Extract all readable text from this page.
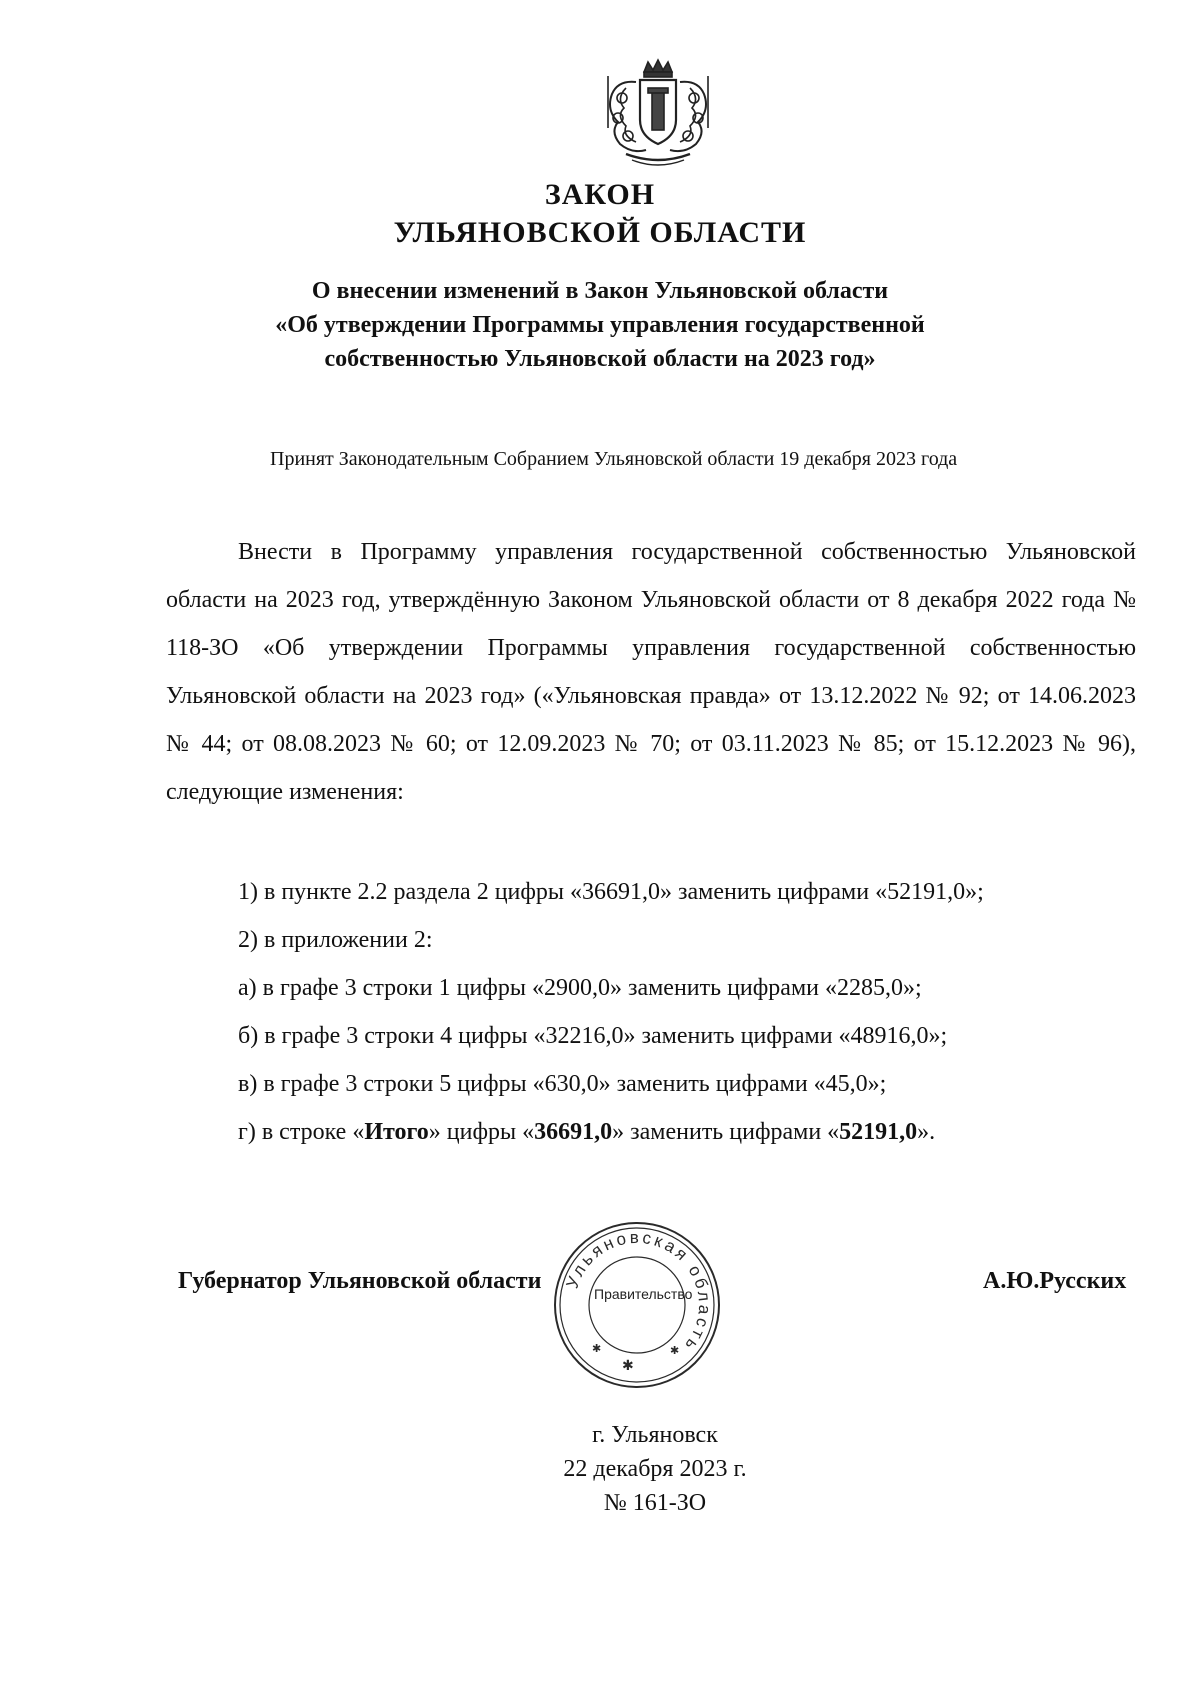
ЗАКОН
УЛЬЯНОВСКОЙ ОБЛАСТИ
О внесении изменений в Закон Ульяновской области
«Об утверждении Программы управления государственной
собственностью Ульяновской области на 2023 год»
Принят Законодательным Собранием Ульяновской области 19 декабря 2023 года

Внести в Программу управления государственной собственностью Ульяновской области на 2023 год, утверждённую Законом Ульяновской области от 8 декабря 2022 года № 118-ЗО «Об утверждении Программы управления государственной собственностью Ульяновской области на 2023 год» («Ульяновская правда» от 13.12.2022 № 92; от 14.06.2023 № 44; от 08.08.2023 № 60; от 12.09.2023 № 70; от 03.11.2023 № 85; от 15.12.2023 № 96), следующие изменения:

1) в пункте 2.2 раздела 2 цифры «36691,0» заменить цифрами «52191,0»;
2) в приложении 2:
а) в графе 3 строки 1 цифры «2900,0» заменить цифрами «2285,0»;
б) в графе 3 строки 4 цифры «32216,0» заменить цифрами «48916,0»;
в) в графе 3 строки 5 цифры «630,0» заменить цифрами «45,0»;
г) в строке «Итого» цифры «36691,0» заменить цифрами «52191,0».
Ульяновская область
✱
✱	✱
Правительство
Губернатор Ульяновской области	А.Ю.Русских
г. Ульяновск
22 декабря 2023 г.
№ 161-ЗО
